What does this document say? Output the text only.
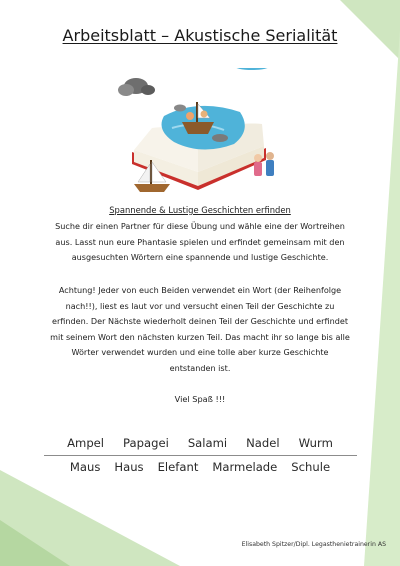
Arbeitsblatt – Akustische Serialität
Spannende & Lustige Geschichten erfinden
Suche dir einen Partner für diese Übung und wähle eine der Wortreihen aus. Lasst nun eure Phantasie spielen und erfindet gemeinsam mit den ausgesuchten Wörtern eine spannende und lustige Geschichte.
Achtung! Jeder von euch Beiden verwendet ein Wort (der Reihenfolge nach!!), liest es laut vor und versucht einen Teil der Geschichte zu erfinden. Der Nächste wiederholt deinen Teil der Geschichte und erfindet mit seinem Wort den nächsten kurzen Teil. Das macht ihr so lange bis alle Wörter verwendet wurden und eine tolle aber kurze Geschichte entstanden ist.
Viel Spaß !!!
Ampel Papagei Salami Nadel Wurm
Maus Haus Elefant Marmelade Schule
Elisabeth Spitzer/Dipl. Legasthenietrainerin AS
